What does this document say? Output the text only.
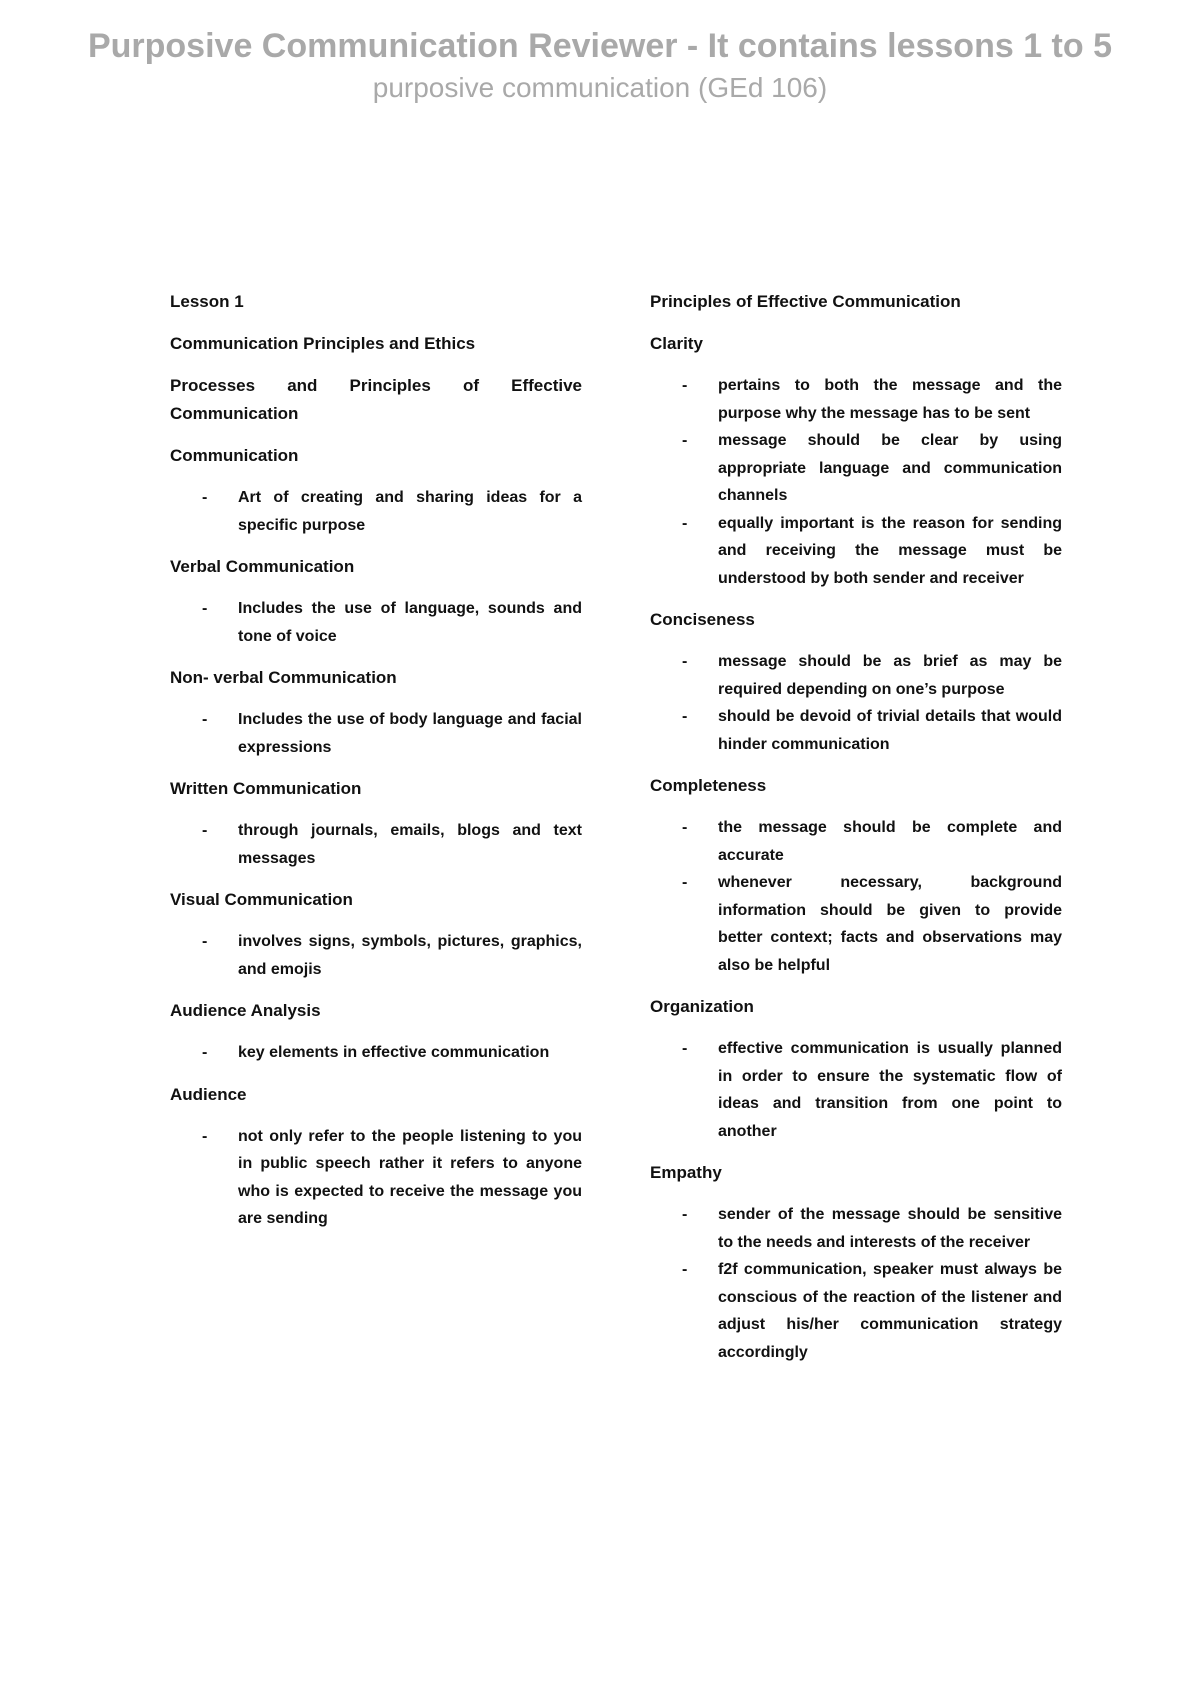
Purposive Communication Reviewer - It contains lessons 1 to 5

purposive communication (GEd 106)

Lesson 1

Communication Principles and Ethics

Processes and Principles of Effective Communication

Communication

- Art of creating and sharing ideas for a specific purpose

Verbal Communication

- Includes the use of language, sounds and tone of voice

Non- verbal Communication

- Includes the use of body language and facial expressions

Written Communication

- through journals, emails, blogs and text messages

Visual Communication

- involves signs, symbols, pictures, graphics, and emojis

Audience Analysis

- key elements in effective communication

Audience

- not only refer to the people listening to you in public speech rather it refers to anyone who is expected to receive the message you are sending

Principles of Effective Communication

Clarity

- pertains to both the message and the purpose why the message has to be sent
- message should be clear by using appropriate language and communication channels
- equally important is the reason for sending and receiving the message must be understood by both sender and receiver

Conciseness

- message should be as brief as may be required depending on one’s purpose
- should be devoid of trivial details that would hinder communication

Completeness

- the message should be complete and accurate
- whenever necessary, background information should be given to provide better context; facts and observations may also be helpful

Organization

- effective communication is usually planned in order to ensure the systematic flow of ideas and transition from one point to another

Empathy

- sender of the message should be sensitive to the needs and interests of the receiver
- f2f communication, speaker must always be conscious of the reaction of the listener and adjust his/her communication strategy accordingly
